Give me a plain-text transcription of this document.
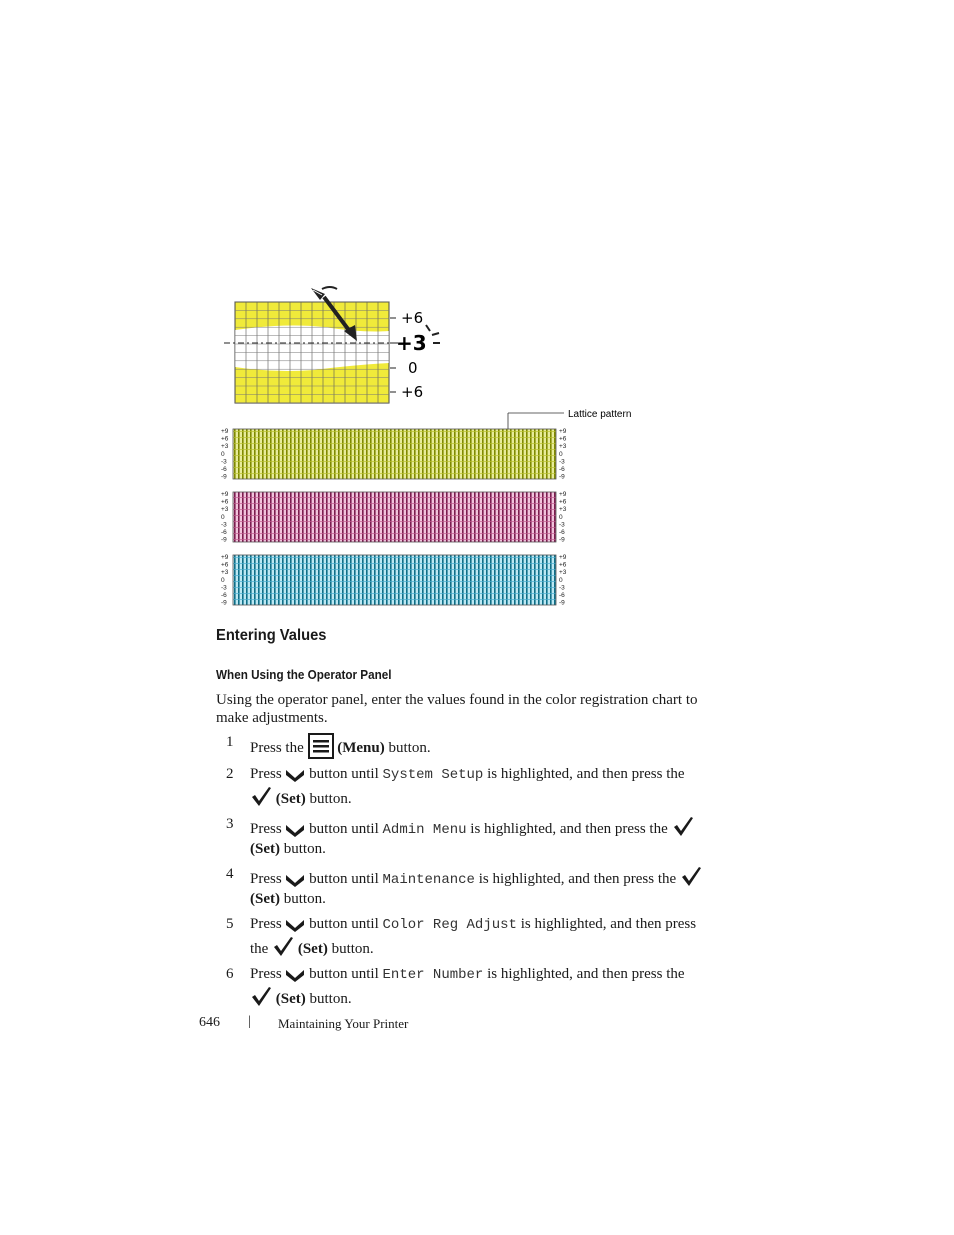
+6
+3
0
+6
Lattice pattern
+9	+9
+6	+6
+3	+3
0	0
-3	-3
-6	-6
-9	-9
+9	+9
+6	+6
+3	+3
0	0
-3	-3
-6	-6
-9	-9
+9	+9
+6	+6
+3	+3
0	0
-3	-3
-6	-6
-9	-9
Entering Values
When Using the Operator Panel

Using the operator panel, enter the values found in the color registration chart to make adjustments.

1 Press the (Menu) button.
2 Press button until System Setup is highlighted, and then press the
(Set) button.
3 Press button until Admin Menu is highlighted, and then press the
(Set) button.
4 Press button until Maintenance is highlighted, and then press the
(Set) button.
5 Press button until Color Reg Adjust is highlighted, and then press the (Set) button.
6 Press button until Enter Number is highlighted, and then press the
(Set) button.
646 | Maintaining Your Printer
